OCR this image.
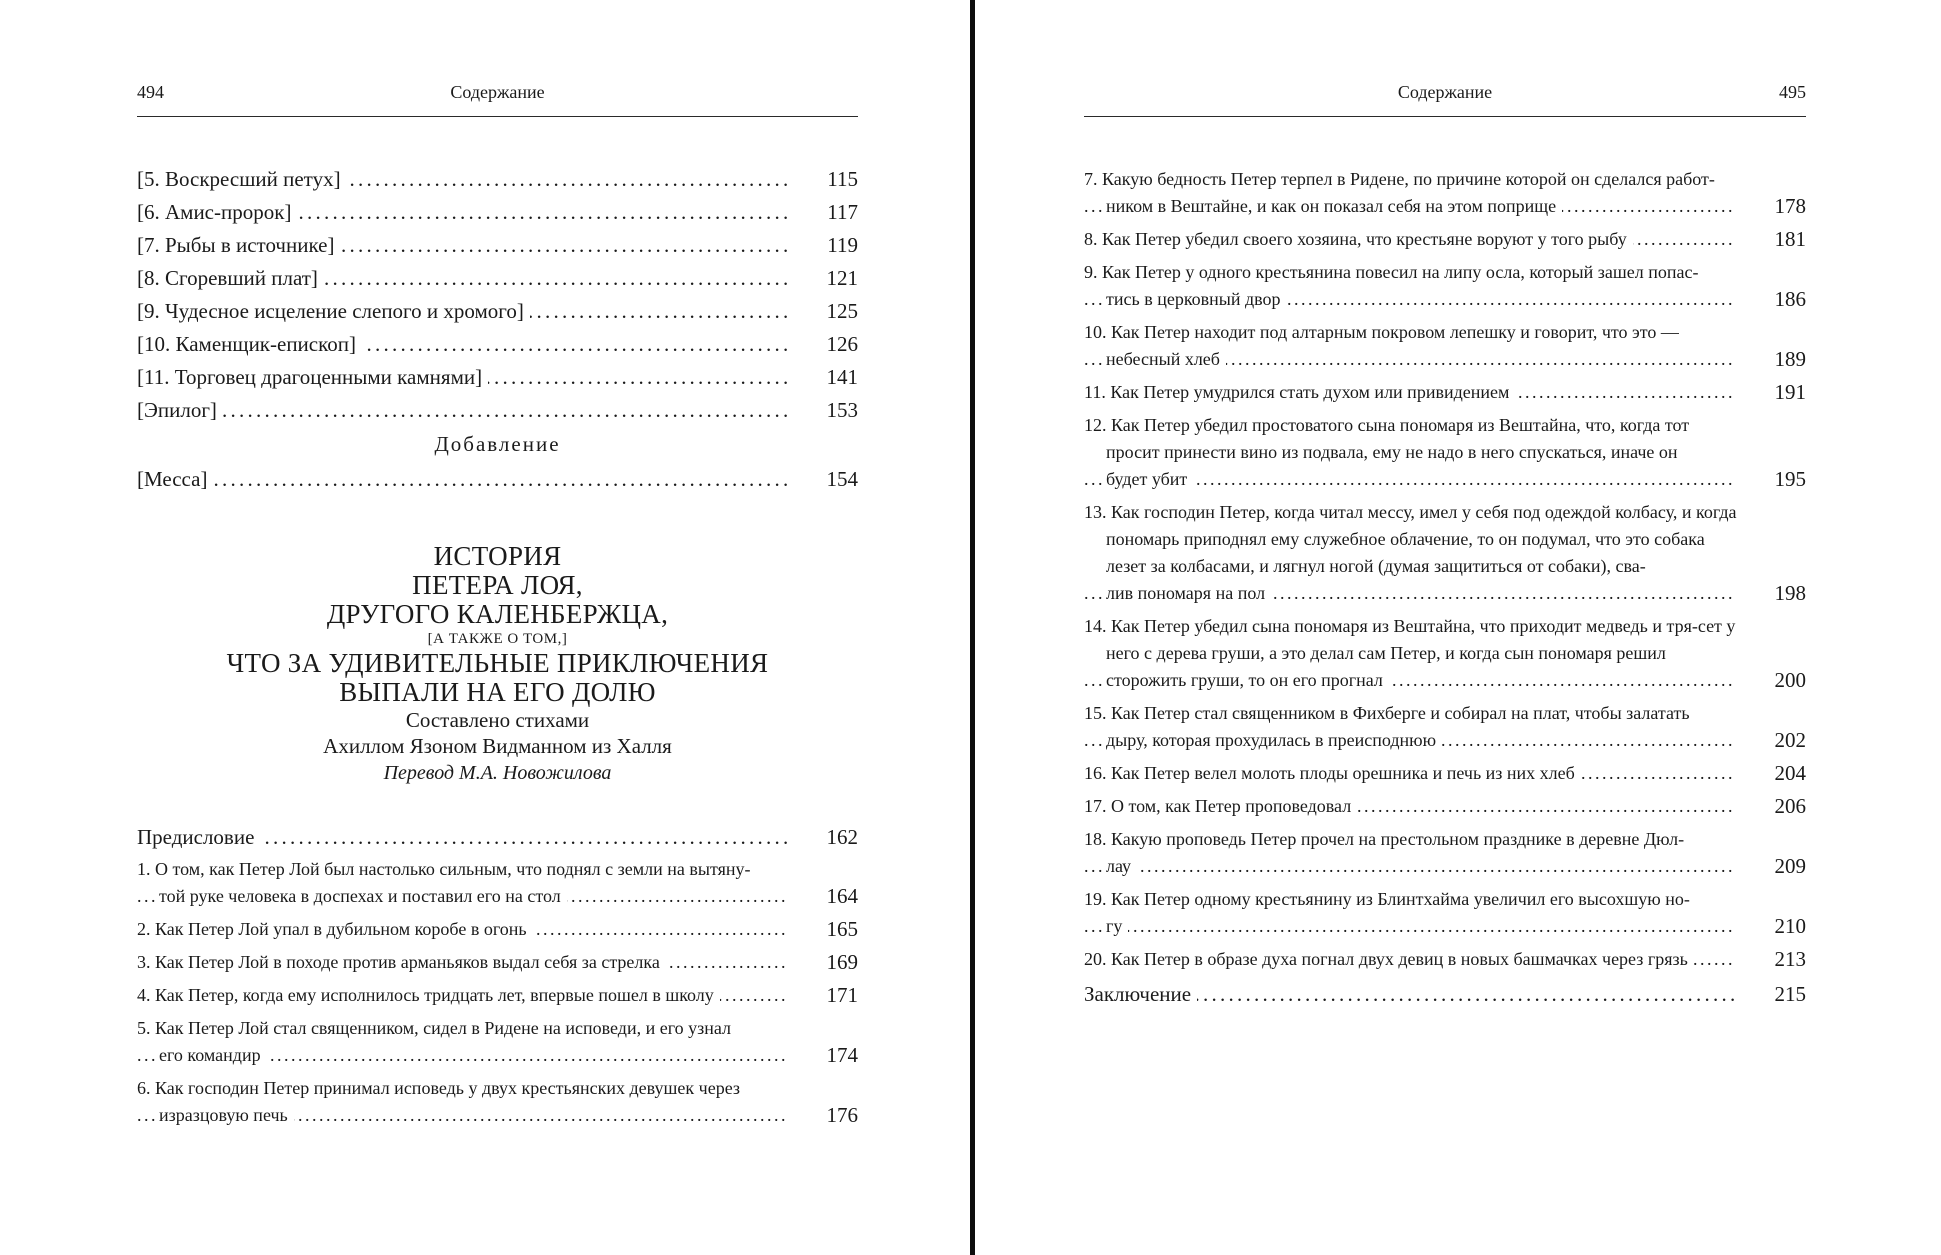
494	Содержание
[5. Воскресший петух] . . .	115
[6. Амис-пророк] . . .	117
[7. Рыбы в источнике] . . .	119
[8. Сгоревший плат] . . .	121
[9. Чудесное исцеление слепого и хромого] . . .	125
[10. Каменщик-епископ] . . .	126
[11. Торговец драгоценными камнями] . . .	141
[Эпилог] . . .	153
Добавление
[Месса] . . .	154
ИСТОРИЯ
ПЕТЕРА ЛОЯ,
ДРУГОГО КАЛЕНБЕРЖЦА,
[А ТАКЖЕ О ТОМ,]
ЧТО ЗА УДИВИТЕЛЬНЫЕ ПРИКЛЮЧЕНИЯ
ВЫПАЛИ НА ЕГО ДОЛЮ
Составлено стихами
Ахиллом Язоном Видманном из Халля
Перевод М.А. Новожилова
Предисловие . . .	162
1. О том, как Петер Лой был настолько сильным, что поднял с земли на вытяну-
той руке человека в доспехах и поставил его на стол . . .	164
2. Как Петер Лой упал в дубильном коробе в огонь . . .	165
3. Как Петер Лой в походе против арманьяков выдал себя за стрелка . . .	169
4. Как Петер, когда ему исполнилось тридцать лет, впервые пошел в школу . . .	171
5. Как Петер Лой стал священником, сидел в Ридене на исповеди, и его узнал
его командир . . .	174
6. Как господин Петер принимал исповедь у двух крестьянских девушек через
изразцовую печь . . .	176
Содержание	495
7. Какую бедность Петер терпел в Ридене, по причине которой он сделался работ-
ником в Вештайне, и как он показал себя на этом поприще . . .	178
8. Как Петер убедил своего хозяина, что крестьяне воруют у того рыбу . . .	181
9. Как Петер у одного крестьянина повесил на липу осла, который зашел попас-
тись в церковный двор . . .	186
10. Как Петер находит под алтарным покровом лепешку и говорит, что это —
небесный хлеб . . .	189
11. Как Петер умудрился стать духом или привидением . . .	191
12. Как Петер убедил простоватого сына пономаря из Вештайна, что, когда тот просит принести вино из подвала, ему не надо в него спускаться, иначе он
будет убит . . .	195
13. Как господин Петер, когда читал мессу, имел у себя под одеждой колбасу, и когда пономарь приподнял ему служебное облачение, то он подумал, что это собака лезет за колбасами, и лягнул ногой (думая защититься от собаки), сва-
лив пономаря на пол . . .	198
14. Как Петер убедил сына пономаря из Вештайна, что приходит медведь и тря-сет у него с дерева груши, а это делал сам Петер, и когда сын пономаря решил
сторожить груши, то он его прогнал . . .	200
15. Как Петер стал священником в Фихберге и собирал на плат, чтобы залатать
дыру, которая прохудилась в преисподнюю . . .	202
16. Как Петер велел молоть плоды орешника и печь из них хлеб . . .	204
17. О том, как Петер проповедовал . . .	206
18. Какую проповедь Петер прочел на престольном празднике в деревне Дюл-
лау . . .	209
19. Как Петер одному крестьянину из Блинтхайма увеличил его высохшую но-
гу . . .	210
20. Как Петер в образе духа погнал двух девиц в новых башмачках через грязь . . .	213
Заключение . . .	215
